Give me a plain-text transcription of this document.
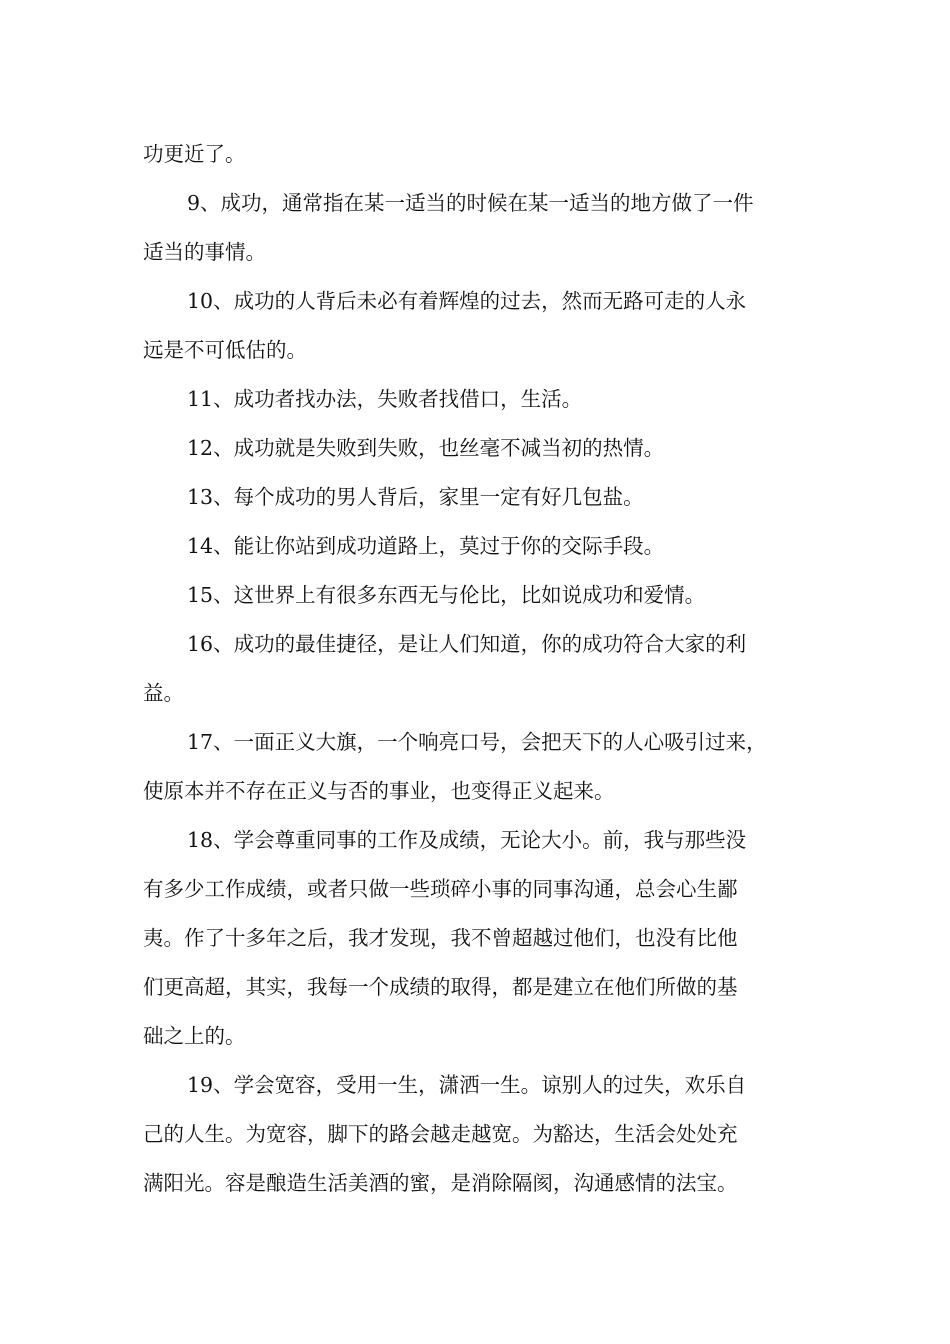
功更近了。
9、成功，通常指在某一适当的时候在某一适当的地方做了一件
适当的事情。
10、成功的人背后未必有着辉煌的过去，然而无路可走的人永
远是不可低估的。
11、成功者找办法，失败者找借口，生活。
12、成功就是失败到失败，也丝毫不减当初的热情。
13、每个成功的男人背后，家里一定有好几包盐。
14、能让你站到成功道路上，莫过于你的交际手段。
15、这世界上有很多东西无与伦比，比如说成功和爱情。
16、成功的最佳捷径，是让人们知道，你的成功符合大家的利
益。
17、一面正义大旗，一个响亮口号，会把天下的人心吸引过来，
使原本并不存在正义与否的事业，也变得正义起来。
18、学会尊重同事的工作及成绩，无论大小。前，我与那些没
有多少工作成绩，或者只做一些琐碎小事的同事沟通，总会心生鄙
夷。作了十多年之后，我才发现，我不曾超越过他们，也没有比他
们更高超，其实，我每一个成绩的取得，都是建立在他们所做的基
础之上的。
19、学会宽容，受用一生，潇洒一生。谅别人的过失，欢乐自
己的人生。为宽容，脚下的路会越走越宽。为豁达，生活会处处充
满阳光。容是酿造生活美酒的蜜，是消除隔阂，沟通感情的法宝。
